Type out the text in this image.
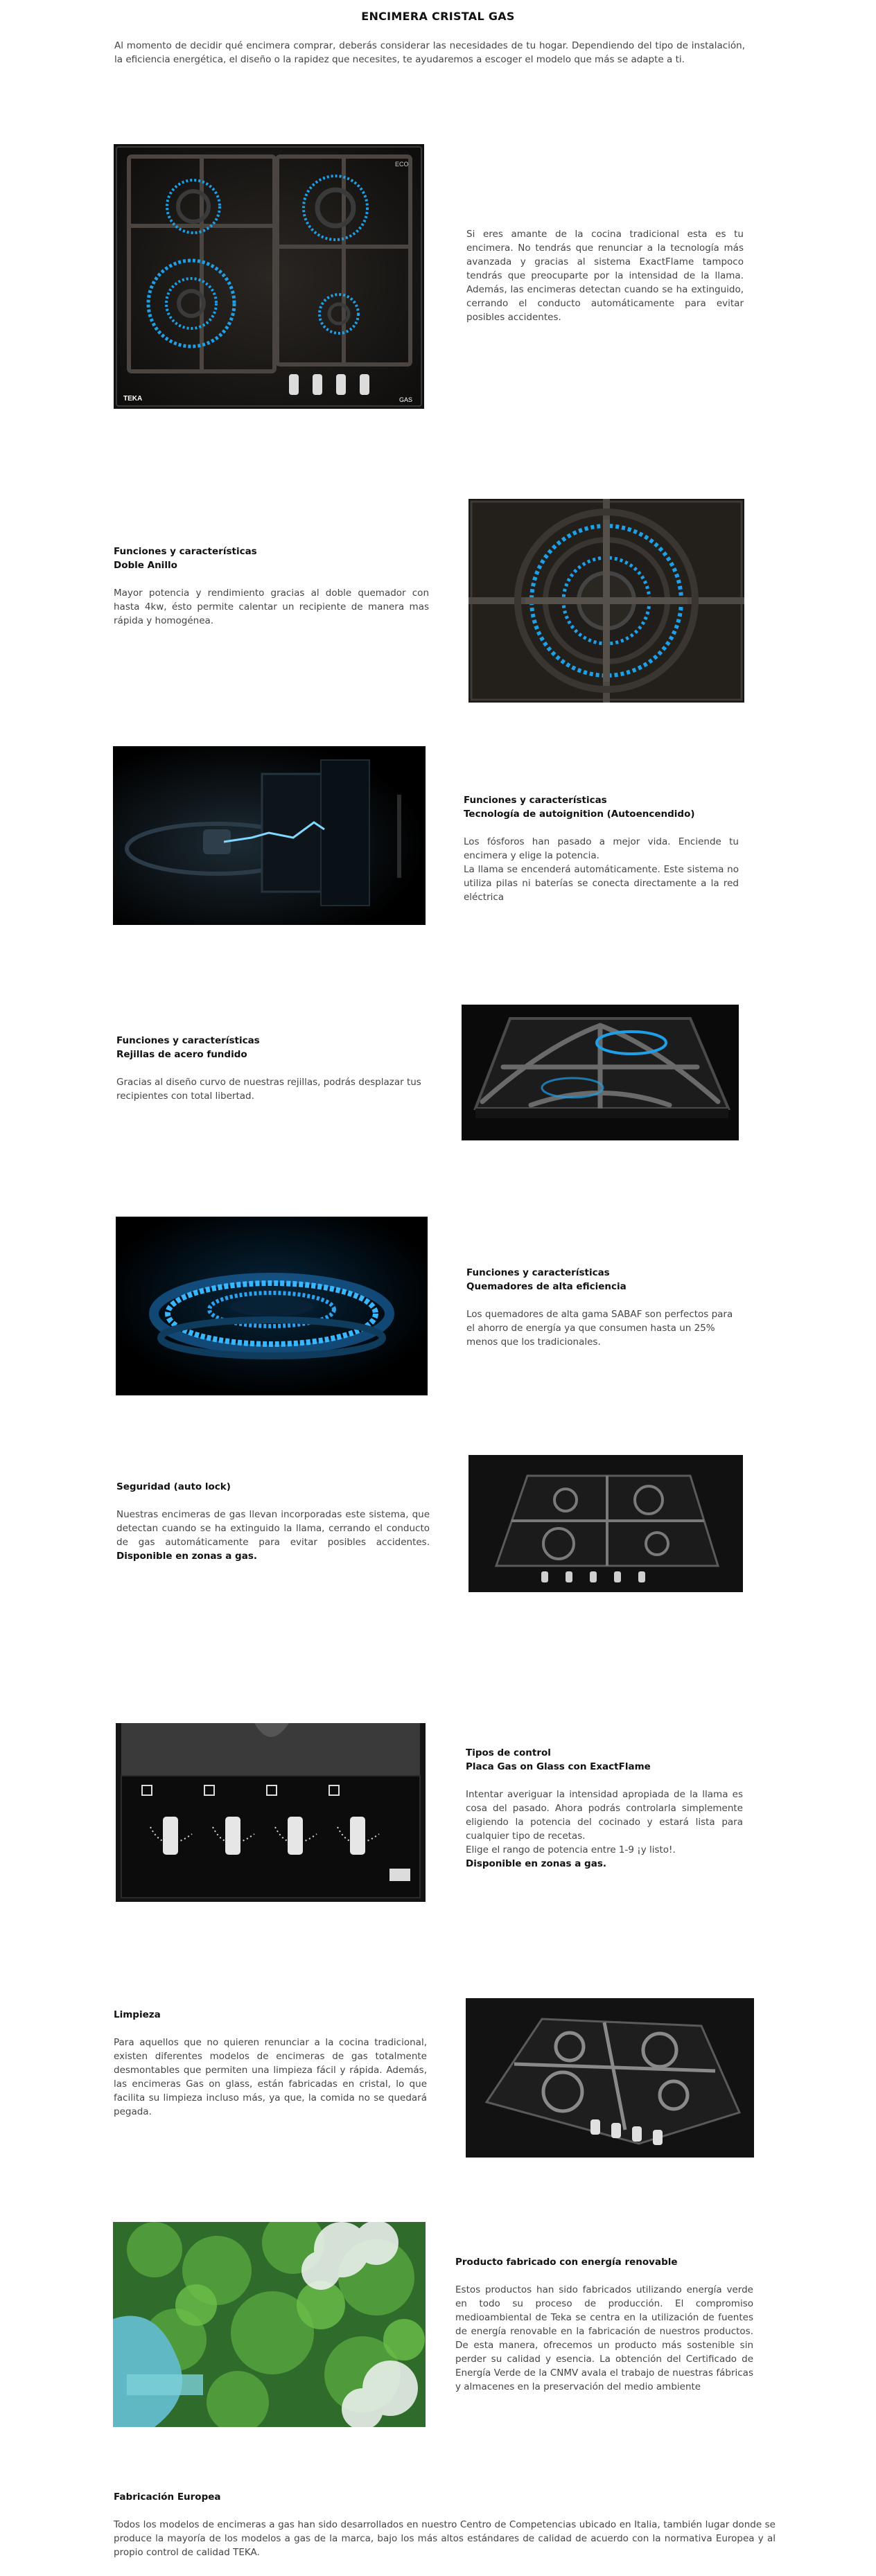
ENCIMERA CRISTAL GAS
Al momento de decidir qué encimera comprar, deberás considerar las necesidades de tu hogar. Dependiendo del tipo de instalación, la eficiencia energética, el diseño o la rapidez que necesites, te ayudaremos a escoger el modelo que más se adapte a ti.
TEKA	GAS
ECO
Si eres amante de la cocina tradicional esta es tu encimera. No tendrás que renunciar a la tecnología más avanzada y gracias al sistema ExactFlame tampoco tendrás que preocuparte por la intensidad de la llama. Además, las encimeras detectan cuando se ha extinguido, cerrando el conducto automáticamente para evitar posibles accidentes.
Funciones y características
Doble Anillo
Mayor potencia y rendimiento gracias al doble quemador con hasta 4kw, ésto permite calentar un recipiente de manera mas rápida y homogénea.
Funciones y características
Tecnología de autoignition (Autoencendido)
Los fósforos han pasado a mejor vida. Enciende tu encimera y elige la potencia.
La llama se encenderá automáticamente. Este sistema no utiliza pilas ni baterías se conecta directamente a la red eléctrica
Funciones y características
Rejillas de acero fundido
Gracias al diseño curvo de nuestras rejillas, podrás desplazar tus recipientes con total libertad.
Funciones y características
Quemadores de alta eficiencia
Los quemadores de alta gama SABAF son perfectos para el ahorro de energía ya que consumen hasta un 25% menos que los tradicionales.
Seguridad (auto lock)
Nuestras encimeras de gas llevan incorporadas este sistema, que detectan cuando se ha extinguido la llama, cerrando el conducto de gas automáticamente para evitar posibles accidentes. Disponible en zonas a gas.
Tipos de control
Placa Gas on Glass con ExactFlame
Intentar averiguar la intensidad apropiada de la llama es cosa del pasado. Ahora podrás controlarla simplemente eligiendo la potencia del cocinado y estará lista para cualquier tipo de recetas.
Elige el rango de potencia entre 1-9 ¡y listo!.
Disponible en zonas a gas.
Limpieza
Para aquellos que no quieren renunciar a la cocina tradicional, existen diferentes modelos de encimeras de gas totalmente desmontables que permiten una limpieza fácil y rápida. Además, las encimeras Gas on glass, están fabricadas en cristal, lo que facilita su limpieza incluso más, ya que, la comida no se quedará pegada.
Producto fabricado con energía renovable
Estos productos han sido fabricados utilizando energía verde en todo su proceso de producción. El compromiso medioambiental de Teka se centra en la utilización de fuentes de energía renovable en la fabricación de nuestros productos. De esta manera, ofrecemos un producto más sostenible sin perder su calidad y esencia. La obtención del Certificado de Energía Verde de la CNMV avala el trabajo de nuestras fábricas y almacenes en la preservación del medio ambiente
Fabricación Europea
Todos los modelos de encimeras a gas han sido desarrollados en nuestro Centro de Competencias ubicado en Italia, también lugar donde se produce la mayoría de los modelos a gas de la marca, bajo los más altos estándares de calidad de acuerdo con la normativa Europea y al propio control de calidad TEKA.
